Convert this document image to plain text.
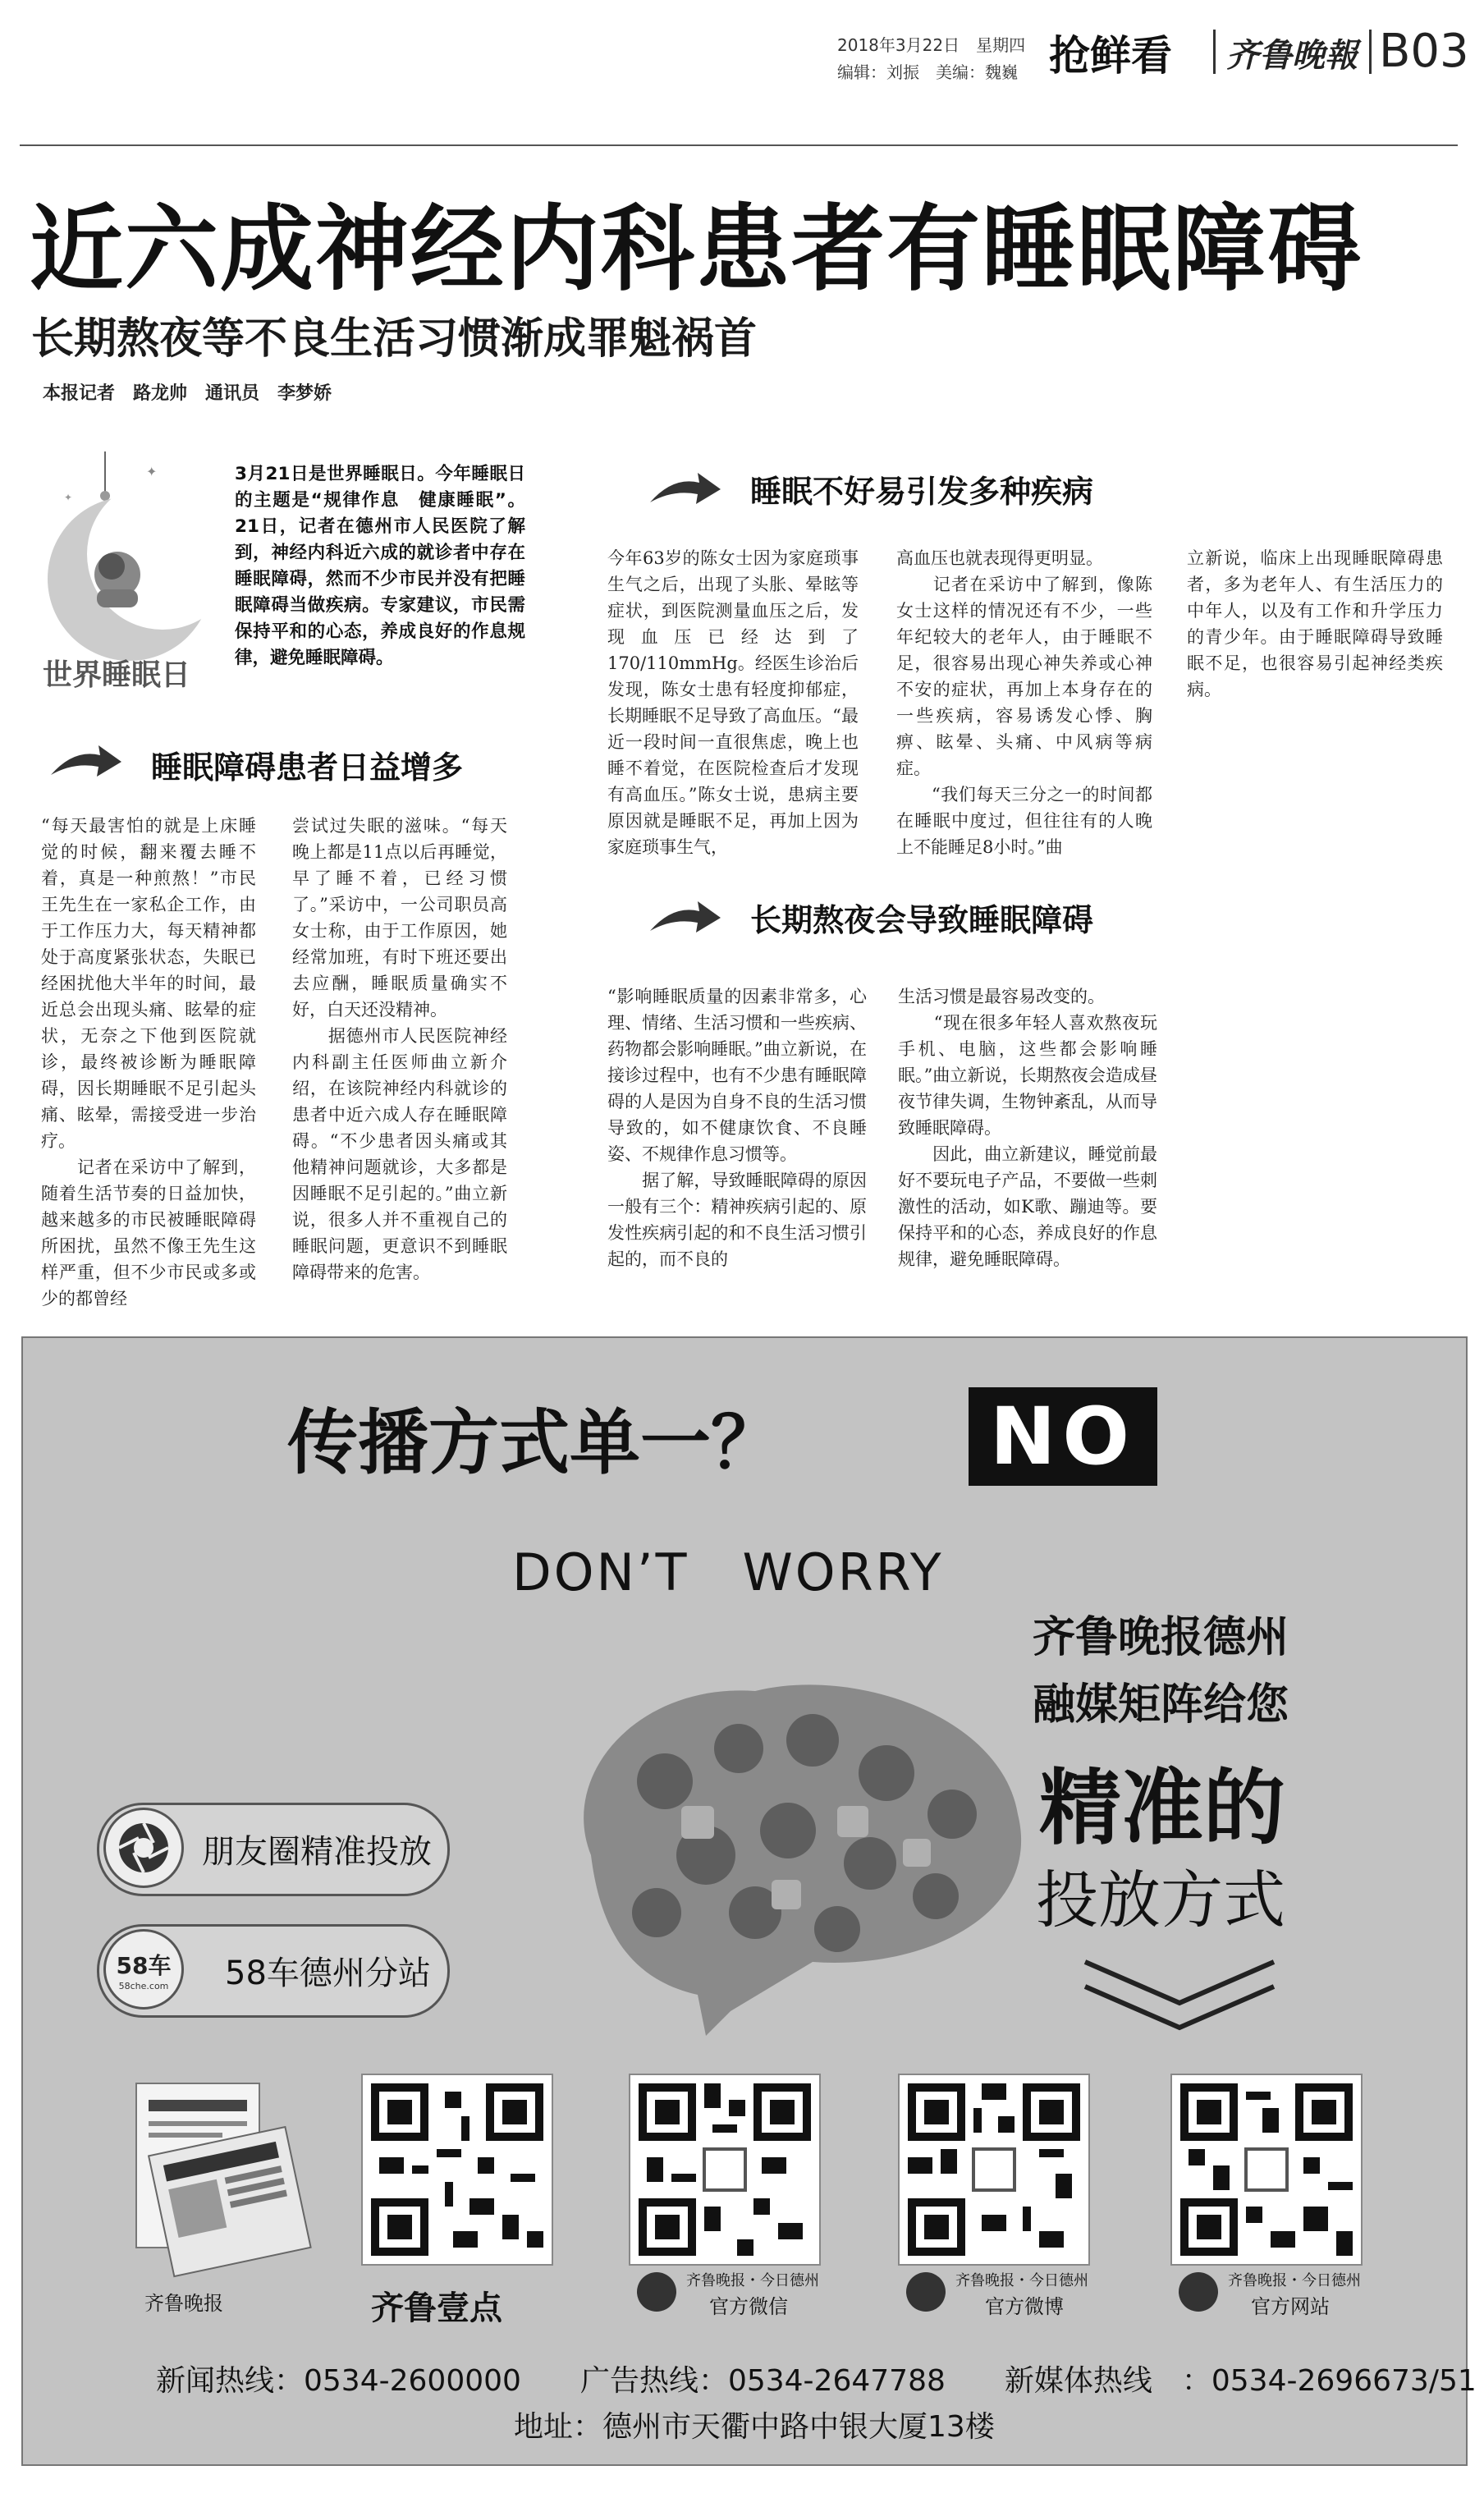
2018年3月22日　星期四
编辑：刘振　美编：魏巍 抢鲜看 齐鲁晚報 B03
近六成神经内科患者有睡眠障碍
长期熬夜等不良生活习惯渐成罪魁祸首
本报记者　路龙帅　通讯员　李梦娇
✦
✦
世界睡眠日
3月21日是世界睡眠日。今年睡眠日的主题是“规律作息　健康睡眠”。21日，记者在德州市人民医院了解到，神经内科近六成的就诊者中存在睡眠障碍，然而不少市民并没有把睡眠障碍当做疾病。专家建议，市民需保持平和的心态，养成良好的作息规律，避免睡眠障碍。
睡眠障碍患者日益增多
“每天最害怕的就是上床睡觉的时候，翻来覆去睡不着，真是一种煎熬！”市民王先生在一家私企工作，由于工作压力大，每天精神都处于高度紧张状态，失眠已经困扰他大半年的时间，最近总会出现头痛、眩晕的症状，无奈之下他到医院就诊，最终被诊断为睡眠障碍，因长期睡眠不足引起头痛、眩晕，需接受进一步治疗。
　　记者在采访中了解到，随着生活节奏的日益加快，越来越多的市民被睡眠障碍所困扰，虽然不像王先生这样严重，但不少市民或多或少的都曾经
尝试过失眠的滋味。“每天晚上都是11点以后再睡觉，早了睡不着，已经习惯了。”采访中，一公司职员高女士称，由于工作原因，她经常加班，有时下班还要出去应酬，睡眠质量确实不好，白天还没精神。
　　据德州市人民医院神经内科副主任医师曲立新介绍，在该院神经内科就诊的患者中近六成人存在睡眠障碍。“不少患者因头痛或其他精神问题就诊，大多都是因睡眠不足引起的。”曲立新说，很多人并不重视自己的睡眠问题，更意识不到睡眠障碍带来的危害。
睡眠不好易引发多种疾病
今年63岁的陈女士因为家庭琐事生气之后，出现了头胀、晕眩等症状，到医院测量血压之后，发现血压已经达到了170/110mmHg。经医生诊治后发现，陈女士患有轻度抑郁症，长期睡眠不足导致了高血压。“最近一段时间一直很焦虑，晚上也睡不着觉，在医院检查后才发现有高血压。”陈女士说，患病主要原因就是睡眠不足，再加上因为家庭琐事生气，
高血压也就表现得更明显。
　　记者在采访中了解到，像陈女士这样的情况还有不少，一些年纪较大的老年人，由于睡眠不足，很容易出现心神失养或心神不安的症状，再加上本身存在的一些疾病，容易诱发心悸、胸痹、眩晕、头痛、中风病等病症。
　　“我们每天三分之一的时间都在睡眠中度过，但往往有的人晚上不能睡足8小时。”曲
立新说，临床上出现睡眠障碍患者，多为老年人、有生活压力的中年人，以及有工作和升学压力的青少年。由于睡眠障碍导致睡眠不足，也很容易引起神经类疾病。
长期熬夜会导致睡眠障碍
“影响睡眠质量的因素非常多，心理、情绪、生活习惯和一些疾病、药物都会影响睡眠。”曲立新说，在接诊过程中，也有不少患有睡眠障碍的人是因为自身不良的生活习惯导致的，如不健康饮食、不良睡姿、不规律作息习惯等。
　　据了解，导致睡眠障碍的原因一般有三个：精神疾病引起的、原发性疾病引起的和不良生活习惯引起的，而不良的
生活习惯是最容易改变的。
　　“现在很多年轻人喜欢熬夜玩手机、电脑，这些都会影响睡眠。”曲立新说，长期熬夜会造成昼夜节律失调，生物钟紊乱，从而导致睡眠障碍。
　　因此，曲立新建议，睡觉前最好不要玩电子产品，不要做一些刺激性的活动，如K歌、蹦迪等。要保持平和的心态，养成良好的作息规律，避免睡眠障碍。
传播方式单一？	NO
DON’T　WORRY
齐鲁晚报德州
融媒矩阵给您
精准的
投放方式
朋友圈精准投放
58车
58che.com	58车德州分站
齐鲁晚报	齐鲁壹点
齐鲁晚报・今日德州
官方微信
齐鲁晚报・今日德州
官方微博
齐鲁晚报・今日德州
官方网站
新闻热线：0534-2600000　　广告热线：0534-2647788　　新媒体热线　：0534-2696673/51
地址：德州市天衢中路中银大厦13楼
